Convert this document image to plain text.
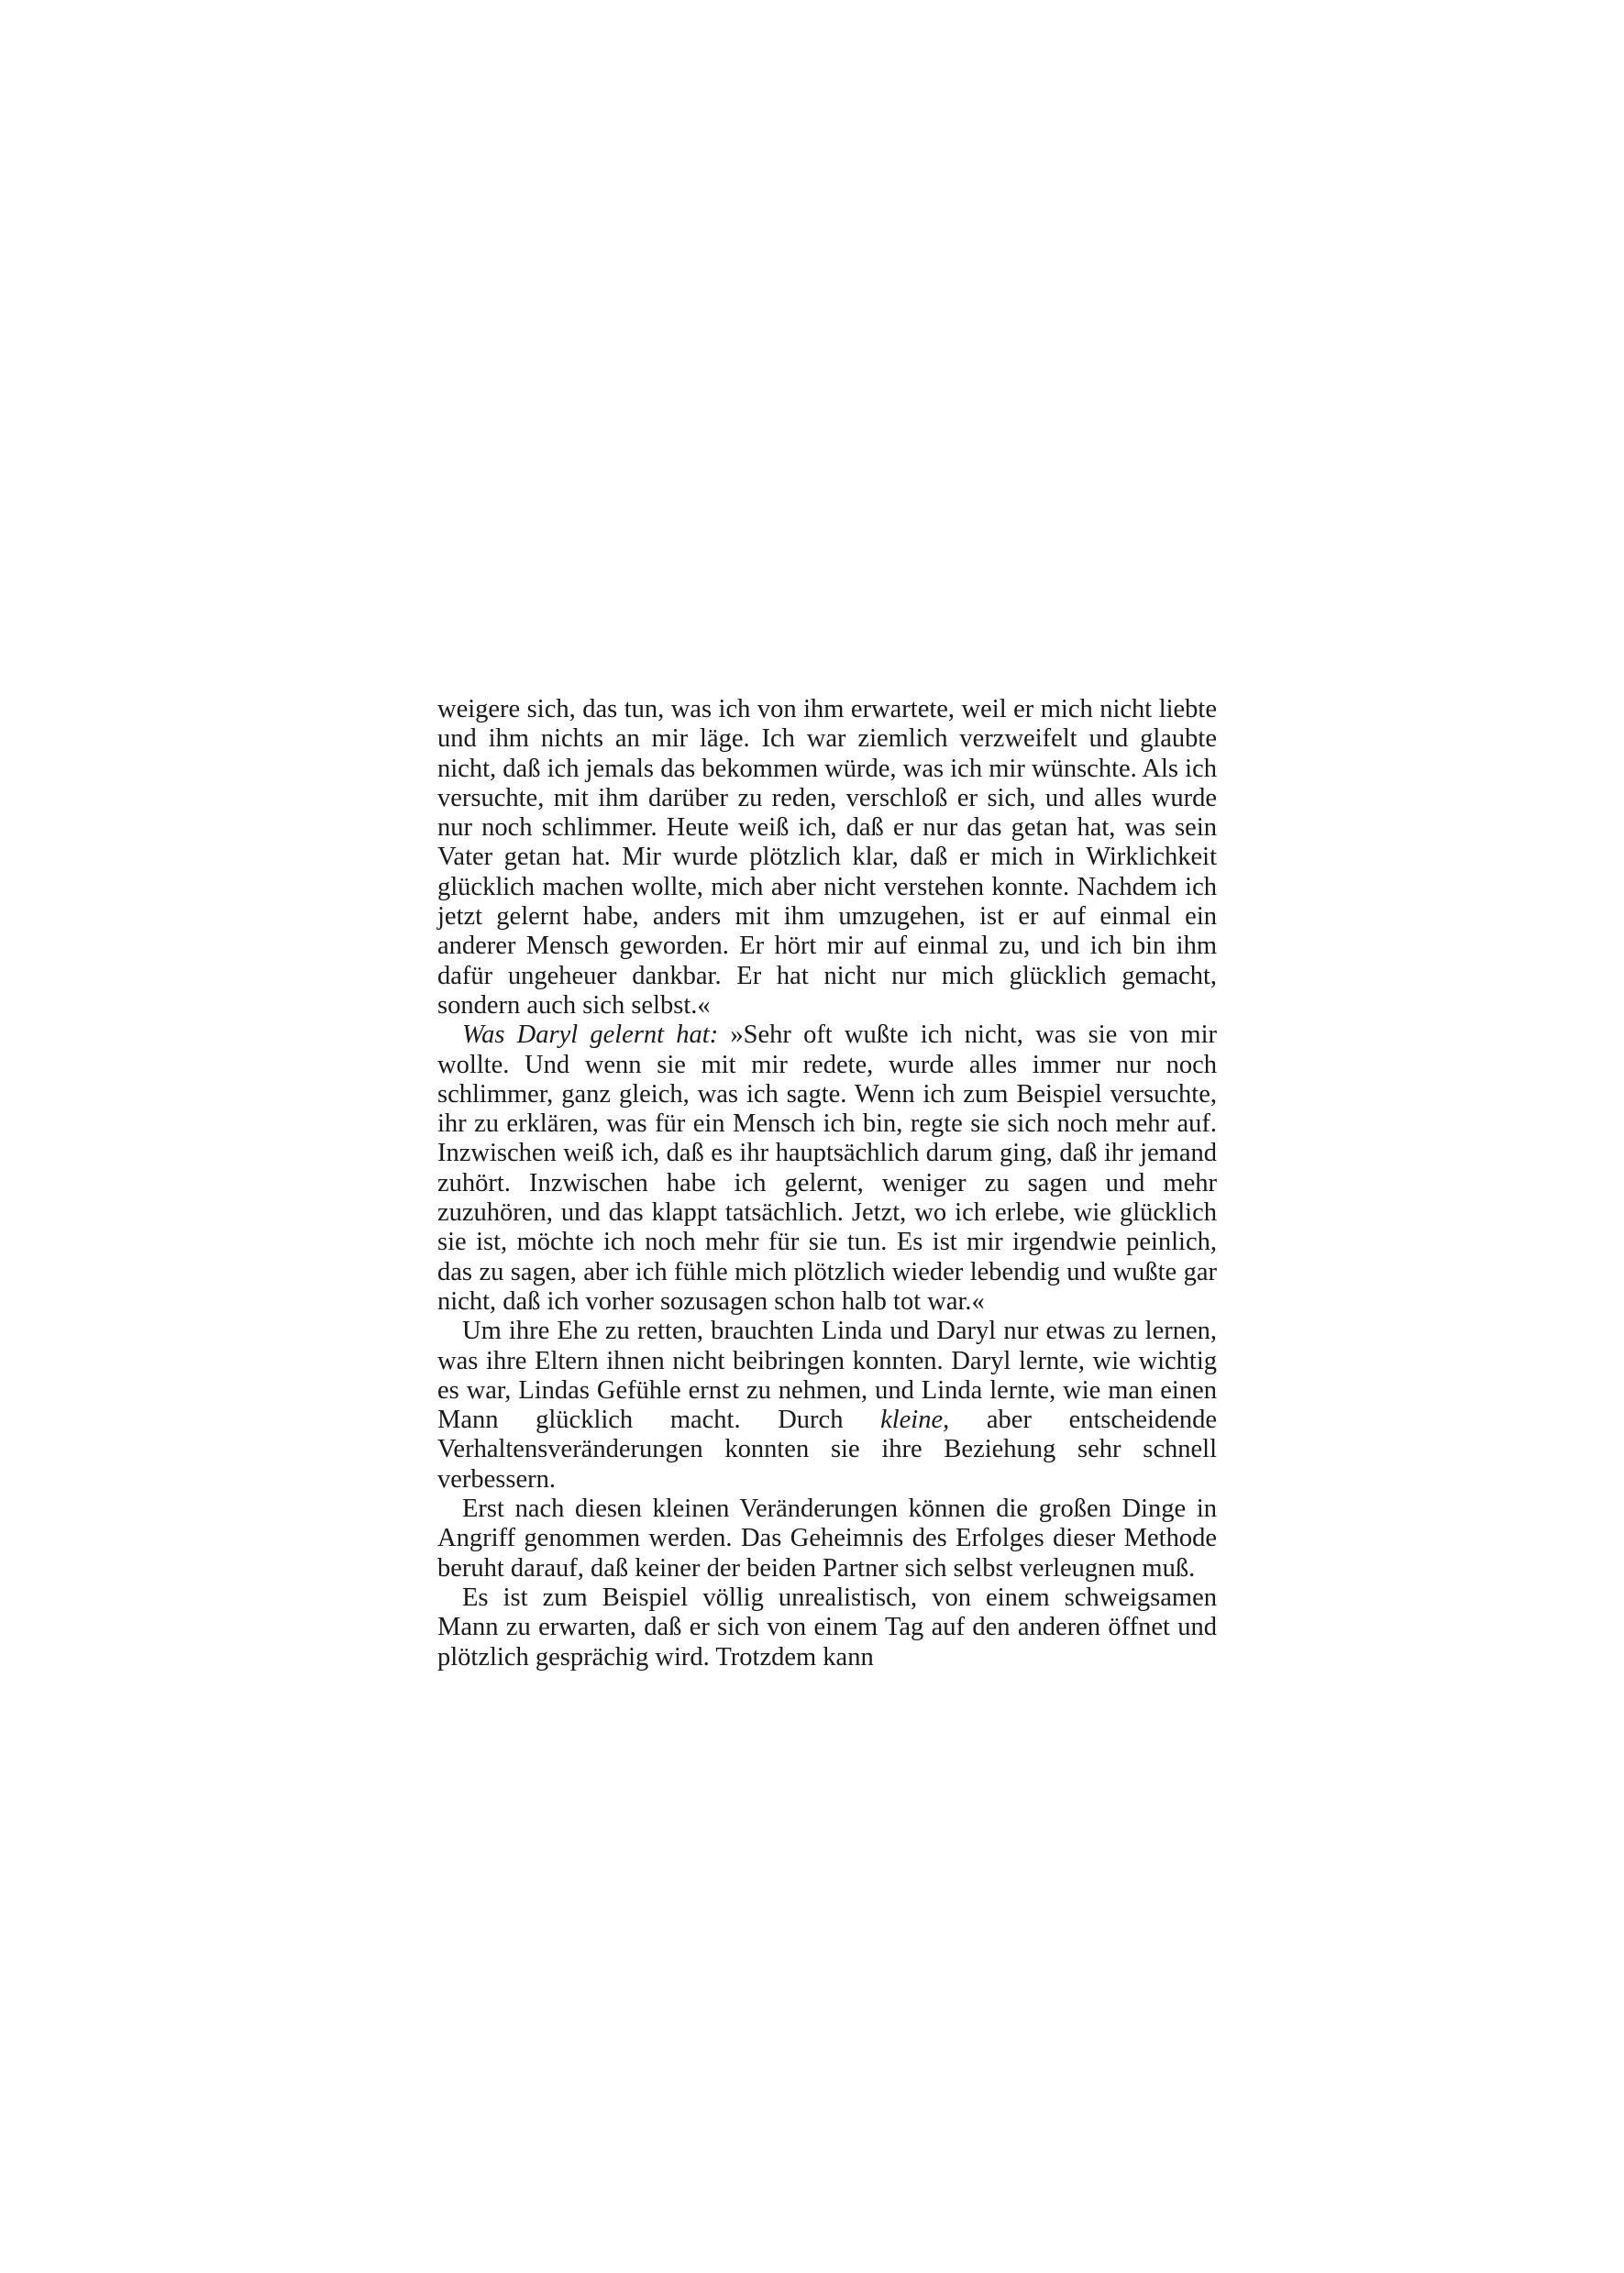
weigere sich, das tun, was ich von ihm erwartete, weil er mich nicht liebte und ihm nichts an mir läge. Ich war ziemlich verzweifelt und glaubte nicht, daß ich jemals das bekommen würde, was ich mir wünschte. Als ich versuchte, mit ihm darüber zu reden, verschloß er sich, und alles wurde nur noch schlimmer. Heute weiß ich, daß er nur das getan hat, was sein Vater getan hat. Mir wurde plötzlich klar, daß er mich in Wirklichkeit glücklich machen wollte, mich aber nicht verstehen konnte. Nachdem ich jetzt gelernt habe, anders mit ihm umzugehen, ist er auf einmal ein anderer Mensch geworden. Er hört mir auf einmal zu, und ich bin ihm dafür ungeheuer dankbar. Er hat nicht nur mich glücklich gemacht, sondern auch sich selbst.«

Was Daryl gelernt hat: »Sehr oft wußte ich nicht, was sie von mir wollte. Und wenn sie mit mir redete, wurde alles immer nur noch schlimmer, ganz gleich, was ich sagte. Wenn ich zum Beispiel versuchte, ihr zu erklären, was für ein Mensch ich bin, regte sie sich noch mehr auf. Inzwischen weiß ich, daß es ihr hauptsächlich darum ging, daß ihr jemand zuhört. Inzwischen habe ich gelernt, weniger zu sagen und mehr zuzuhören, und das klappt tatsächlich. Jetzt, wo ich erlebe, wie glücklich sie ist, möchte ich noch mehr für sie tun. Es ist mir irgendwie peinlich, das zu sagen, aber ich fühle mich plötzlich wieder lebendig und wußte gar nicht, daß ich vorher sozusagen schon halb tot war.«

Um ihre Ehe zu retten, brauchten Linda und Daryl nur etwas zu lernen, was ihre Eltern ihnen nicht beibringen konnten. Daryl lernte, wie wichtig es war, Lindas Gefühle ernst zu nehmen, und Linda lernte, wie man einen Mann glücklich macht. Durch kleine, aber entscheidende Verhaltensveränderungen konnten sie ihre Beziehung sehr schnell verbessern.

Erst nach diesen kleinen Veränderungen können die großen Dinge in Angriff genommen werden. Das Geheimnis des Erfolges dieser Methode beruht darauf, daß keiner der beiden Partner sich selbst verleugnen muß.

Es ist zum Beispiel völlig unrealistisch, von einem schweigsamen Mann zu erwarten, daß er sich von einem Tag auf den anderen öffnet und plötzlich gesprächig wird. Trotzdem kann
